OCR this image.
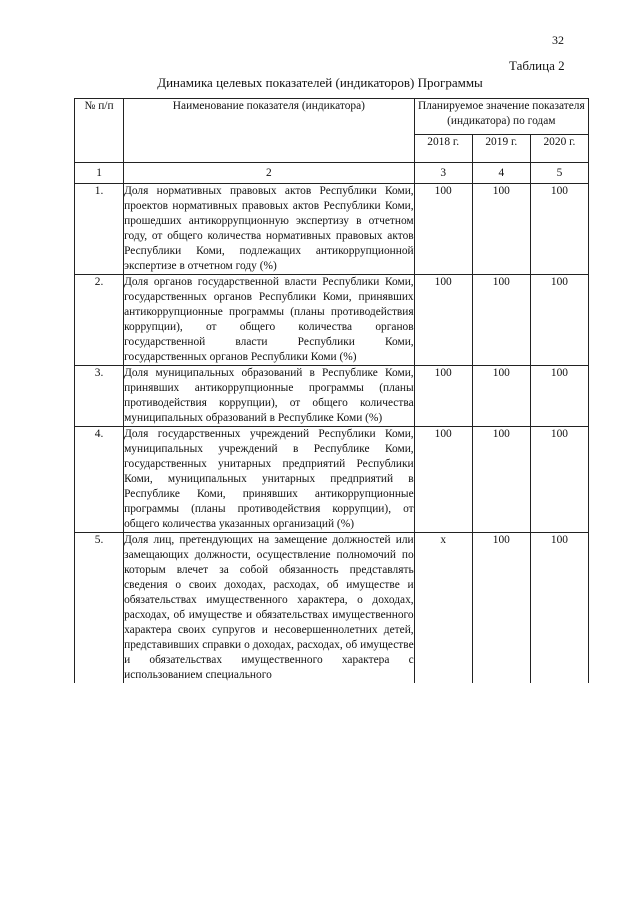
32
Таблица 2
Динамика целевых показателей (индикаторов) Программы
№ п/п	Наименование показателя (индикатора)	Планируемое значение показателя (индикатора) по годам		
		2018 г.	2019 г.	2020 г.
1	2	3	4	5
1.	Доля нормативных правовых актов Республики Коми, проектов нормативных правовых актов Республики Коми, прошедших антикоррупционную экспертизу в отчетном году, от общего количества нормативных правовых актов Республики Коми, подлежащих антикоррупционной экспертизе в отчетном году (%)	100	100	100
2.	Доля органов государственной власти Республики Коми, государственных органов Республики Коми, принявших антикоррупционные программы (планы противодействия коррупции), от общего количества органов государственной власти Республики Коми, государственных органов Республики Коми (%)	100	100	100
3.	Доля муниципальных образований в Республике Коми, принявших антикоррупционные программы (планы противодействия коррупции), от общего количества муниципальных образований в Республике Коми (%)	100	100	100
4.	Доля государственных учреждений Республики Коми, муниципальных учреждений в Республике Коми, государственных унитарных предприятий Республики Коми, муниципальных унитарных предприятий в Республике Коми, принявших антикоррупционные программы (планы противодействия коррупции), от общего количества указанных организаций (%)	100	100	100
5.	Доля лиц, претендующих на замещение должностей или замещающих должности, осуществление полномочий по которым влечет за собой обязанность представлять сведения о своих доходах, расходах, об имуществе и обязательствах имущественного характера, о доходах, расходах, об имуществе и обязательствах имущественного характера своих супругов и несовершеннолетних детей, представивших справки о доходах, расходах, об имуществе и обязательствах имущественного характера с использованием специального	x	100	100
